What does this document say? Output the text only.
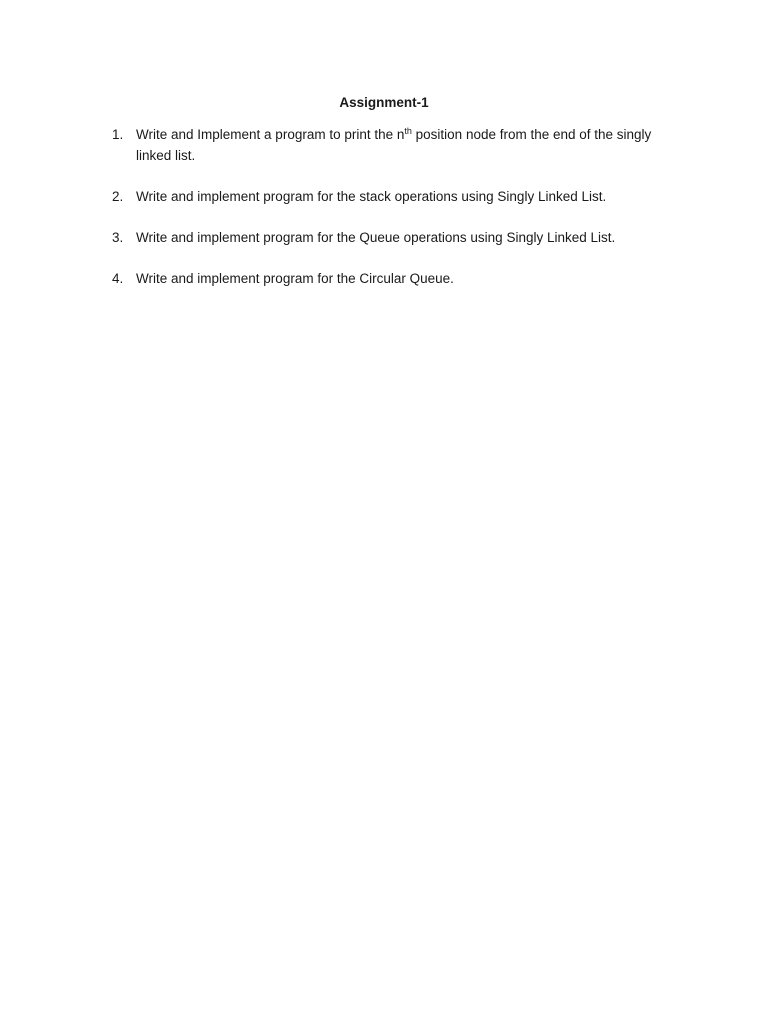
Assignment-1
1. Write and Implement a program to print the $n^{th}$ position node from the end of the singly linked list.
2. Write and implement program for the stack operations using Singly Linked List.
3. Write and implement program for the Queue operations using Singly Linked List.
4. Write and implement program for the Circular Queue.
